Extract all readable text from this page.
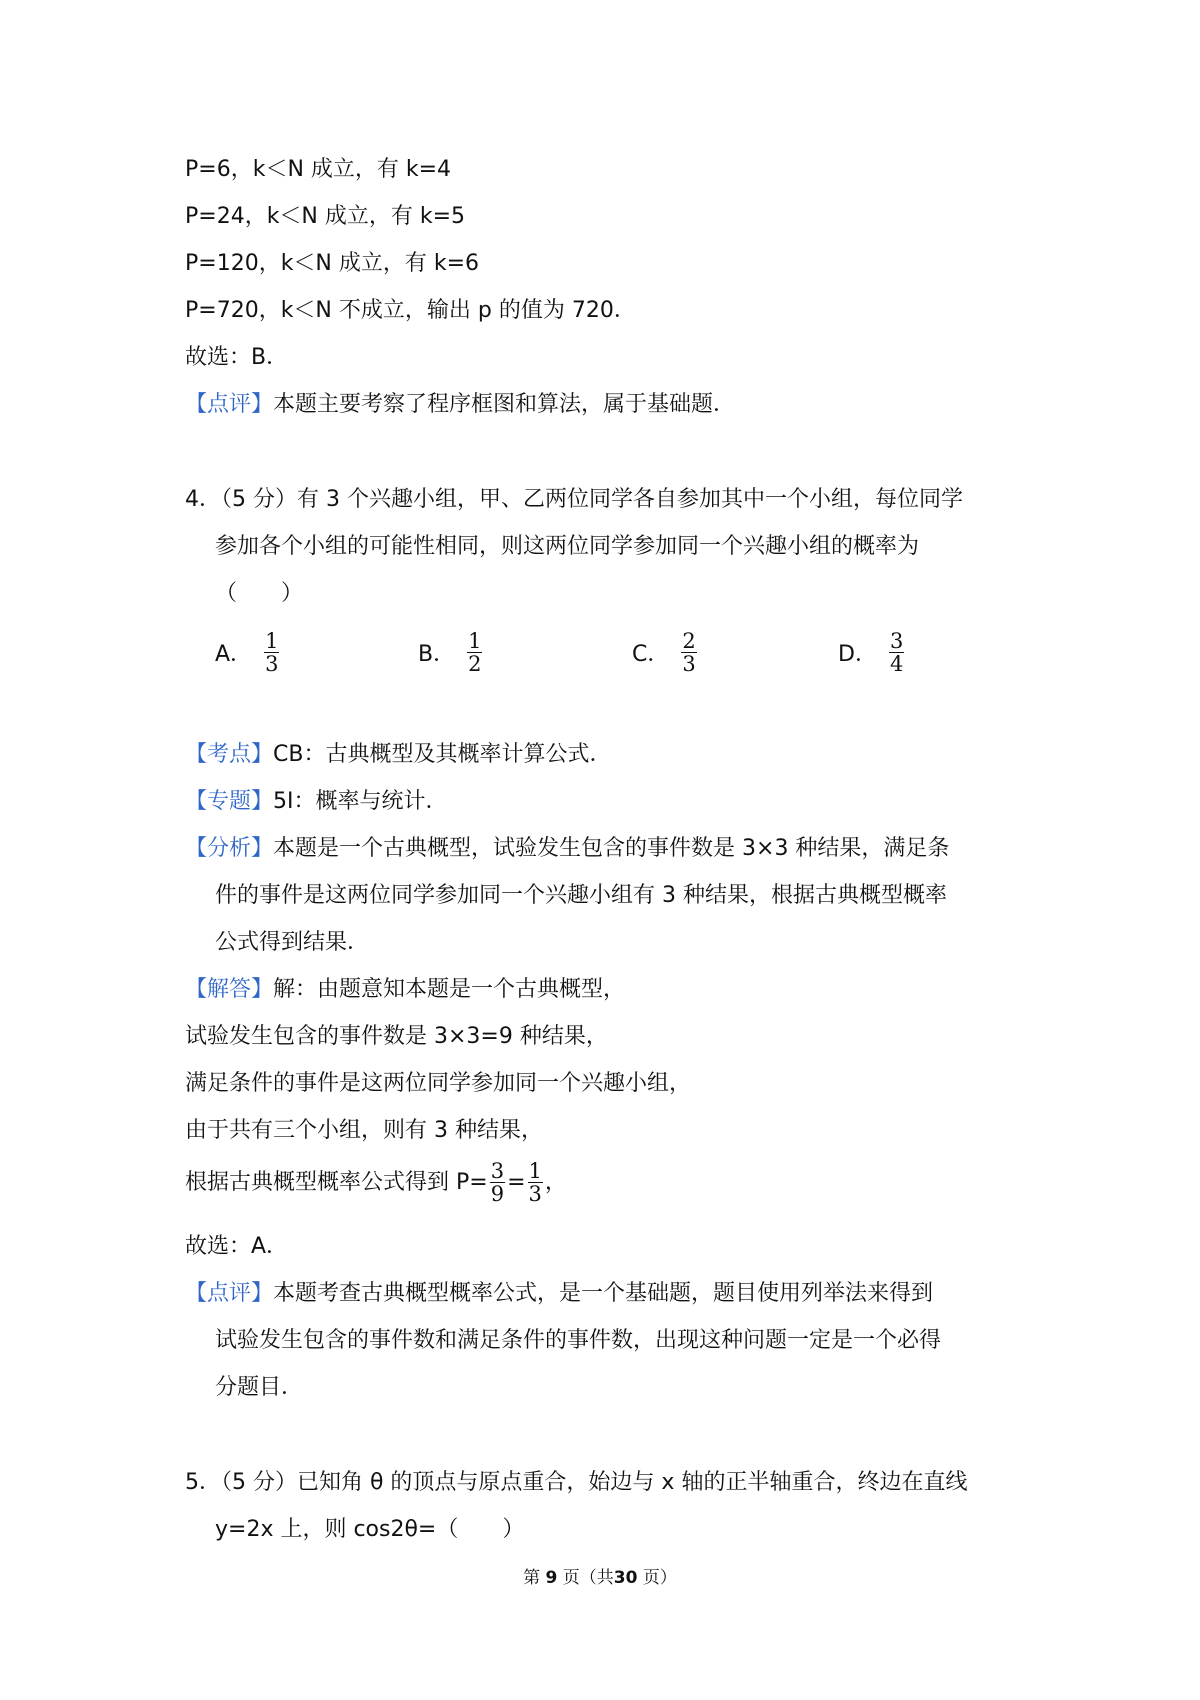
P=6，k＜N 成立，有 k=4
P=24，k＜N 成立，有 k=5
P=120，k＜N 成立，有 k=6
P=720，k＜N 不成立，输出 p 的值为 720．
故选：B．
【点评】本题主要考察了程序框图和算法，属于基础题．
4．（5 分）有 3 个兴趣小组，甲、乙两位同学各自参加其中一个小组，每位同学
参加各个小组的可能性相同，则这两位同学参加同一个兴趣小组的概率为
（　　）
A． $\frac{1}{3}$	B． $\frac{1}{2}$	C． $\frac{2}{3}$	D． $\frac{3}{4}$
【考点】CB：古典概型及其概率计算公式．
【专题】5I：概率与统计．
【分析】本题是一个古典概型，试验发生包含的事件数是 3×3 种结果，满足条
件的事件是这两位同学参加同一个兴趣小组有 3 种结果，根据古典概型概率
公式得到结果．
【解答】解：由题意知本题是一个古典概型，
试验发生包含的事件数是 3×3=9 种结果，
满足条件的事件是这两位同学参加同一个兴趣小组，
由于共有三个小组，则有 3 种结果，
根据古典概型概率公式得到 $P= \frac{3}{9} = \frac{1}{3}$ ，
故选：A．
【点评】本题考查古典概型概率公式，是一个基础题，题目使用列举法来得到
试验发生包含的事件数和满足条件的事件数，出现这种问题一定是一个必得
分题目．
5．（5 分）已知角 θ 的顶点与原点重合，始边与 x 轴的正半轴重合，终边在直线
y=2x 上，则 cos2θ=（　　）
第 9 页（共30 页）
